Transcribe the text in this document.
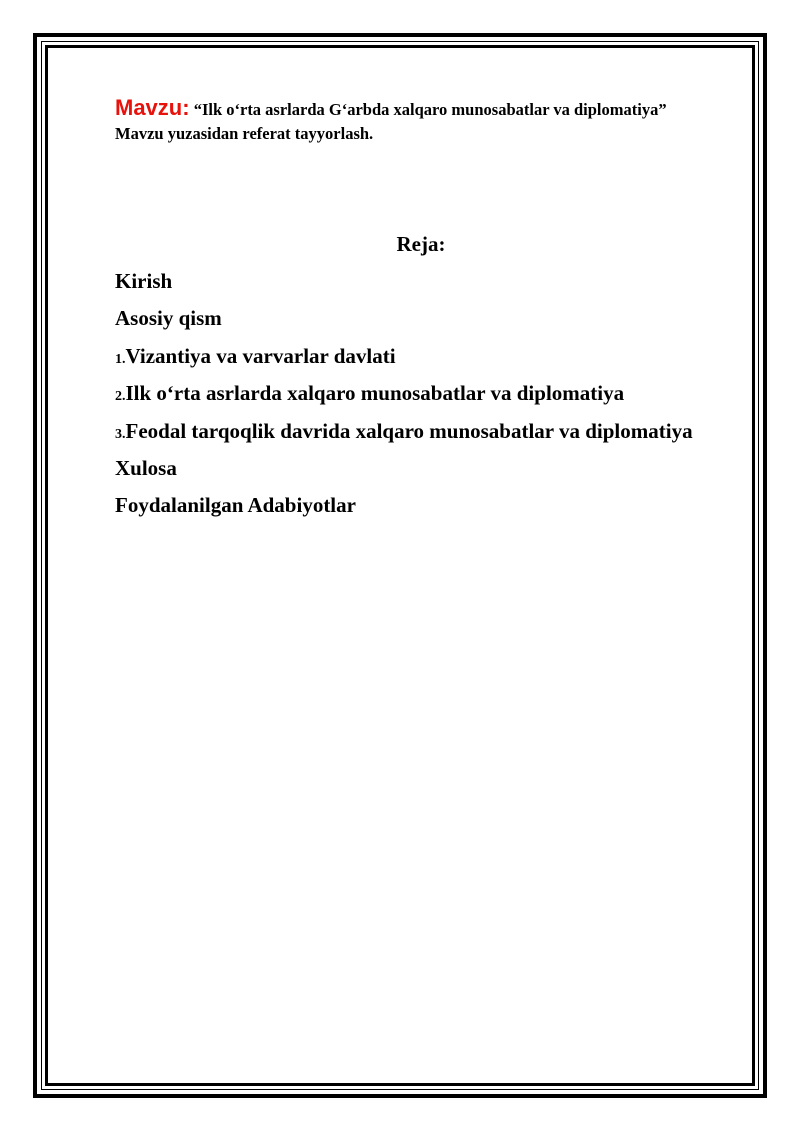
Mavzu: “Ilk o‘rta asrlarda G‘arbda xalqaro munosabatlar va diplomatiya”
Mavzu yuzasidan referat tayyorlash.
Reja:
Kirish
Asosiy qism
1.Vizantiya va varvarlar davlati
2.Ilk o‘rta asrlarda xalqaro munosabatlar va diplomatiya
3.Feodal tarqoqlik davrida xalqaro munosabatlar va diplomatiya
Xulosa
Foydalanilgan Adabiyotlar
